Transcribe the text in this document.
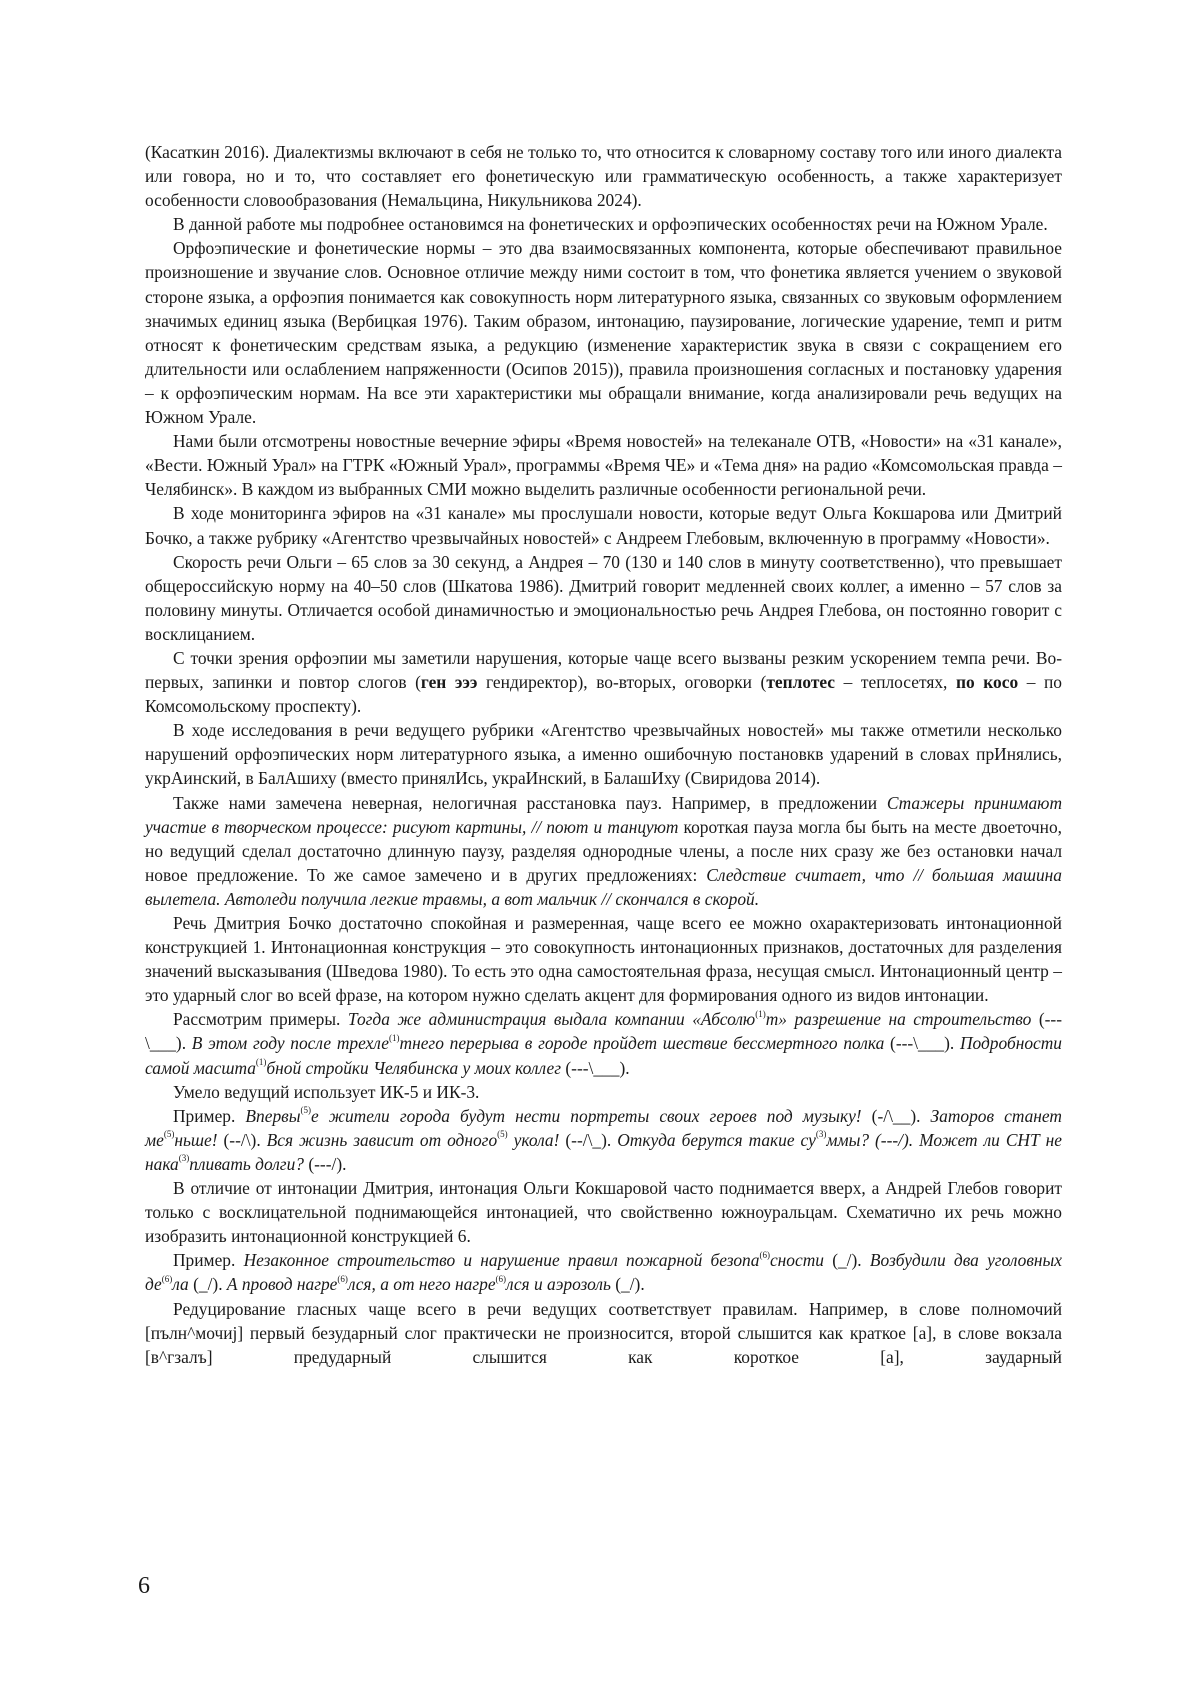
(Касаткин 2016). Диалектизмы включают в себя не только то, что относится к словарному составу того или иного диалекта или говора, но и то, что составляет его фонетическую или грамматическую особенность, а также характеризует особенности словообразования (Немальцина, Никульникова 2024).

В данной работе мы подробнее остановимся на фонетических и орфоэпических особенностях речи на Южном Урале.

Орфоэпические и фонетические нормы – это два взаимосвязанных компонента, которые обеспечивают правильное произношение и звучание слов. Основное отличие между ними состоит в том, что фонетика является учением о звуковой стороне языка, а орфоэпия понимается как совокупность норм литературного языка, связанных со звуковым оформлением значимых единиц языка (Вербицкая 1976). Таким образом, интонацию, паузирование, логические ударение, темп и ритм относят к фонетическим средствам языка, а редукцию (изменение характеристик звука в связи с сокращением его длительности или ослаблением напряженности (Осипов 2015)), правила произношения согласных и постановку ударения – к орфоэпическим нормам. На все эти характеристики мы обращали внимание, когда анализировали речь ведущих на Южном Урале.

Нами были отсмотрены новостные вечерние эфиры «Время новостей» на телеканале ОТВ, «Новости» на «31 канале», «Вести. Южный Урал» на ГТРК «Южный Урал», программы «Время ЧЕ» и «Тема дня» на радио «Комсомольская правда – Челябинск». В каждом из выбранных СМИ можно выделить различные особенности региональной речи.

В ходе мониторинга эфиров на «31 канале» мы прослушали новости, которые ведут Ольга Кокшарова или Дмитрий Бочко, а также рубрику «Агентство чрезвычайных новостей» с Андреем Глебовым, включенную в программу «Новости».

Скорость речи Ольги – 65 слов за 30 секунд, а Андрея – 70 (130 и 140 слов в минуту соответственно), что превышает общероссийскую норму на 40–50 слов (Шкатова 1986). Дмитрий говорит медленней своих коллег, а именно – 57 слов за половину минуты. Отличается особой динамичностью и эмоциональностью речь Андрея Глебова, он постоянно говорит с восклицанием.

С точки зрения орфоэпии мы заметили нарушения, которые чаще всего вызваны резким ускорением темпа речи. Во-первых, запинки и повтор слогов (ген эээ гендиректор), во-вторых, оговорки (теплотес – теплосетях, по косо – по Комсомольскому проспекту).

В ходе исследования в речи ведущего рубрики «Агентство чрезвычайных новостей» мы также отметили несколько нарушений орфоэпических норм литературного языка, а именно ошибочную постановкв ударений в словах прИнялись, укрАинский, в БалАшиху (вместо принялИсь, украИнский, в БалашИху (Свиридова 2014).

Также нами замечена неверная, нелогичная расстановка пауз. Например, в предложении Стажеры принимают участие в творческом процессе: рисуют картины, // поют и танцуют короткая пауза могла бы быть на месте двоеточно, но ведущий сделал достаточно длинную паузу, разделяя однородные члены, а после них сразу же без остановки начал новое предложение. То же самое замечено и в других предложениях: Следствие считает, что // большая машина вылетела. Автоледи получила легкие травмы, а вот мальчик // скончался в скорой.

Речь Дмитрия Бочко достаточно спокойная и размеренная, чаще всего ее можно охарактеризовать интонационной конструкцией 1. Интонационная конструкция – это совокупность интонационных признаков, достаточных для разделения значений высказывания (Шведова 1980). То есть это одна самостоятельная фраза, несущая смысл. Интонационный центр – это ударный слог во всей фразе, на котором нужно сделать акцент для формирования одного из видов интонации.

Рассмотрим примеры. Тогда же администрация выдала компании «Абсолю$^{(1)}$т» разрешение на строительство (---\___). В этом году после трехле$^{(1)}$тнего перерыва в городе пройдет шествие бессмертного полка (---\___). Подробности самой масшта$^{(1)}$бной стройки Челябинска у моих коллег (---\___).

Умело ведущий использует ИК-5 и ИК-3.

Пример. Впервы$^{(5)}$е жители города будут нести портреты своих героев под музыку! (-/\__). Заторов станет $ме^{(5)}ньше$! (--/\). Вся жизнь зависит от одного$^{(5)}$ укола! (--/\_). Откуда берутся такие $су^{(3)}ммы$? (---/). Может ли СНТ не нака$^{(3)}$пливать долги? (---/).

В отличие от интонации Дмитрия, интонация Ольги Кокшаровой часто поднимается вверх, а Андрей Глебов говорит только с восклицательной поднимающейся интонацией, что свойственно южноуральцам. Схематично их речь можно изобразить интонационной конструкцией 6.

Пример. Незаконное строительство и нарушение правил пожарной безопа$^{(6)}$сности (_/). Возбудили два уголовных $де^{(6)}ла$ (_/). А провод нагре$^{(6)}$лся, а от него нагре$^{(6)}$лся и аэрозоль (_/).

Редуцирование гласных чаще всего в речи ведущих соответствует правилам. Например, в слове полномочий [пълн^мочиј] первый безударный слог практически не произносится, второй слышится как краткое [а], в слове вокзала [в^гзалъ] предударный слышится как короткое [а], заударный

6
